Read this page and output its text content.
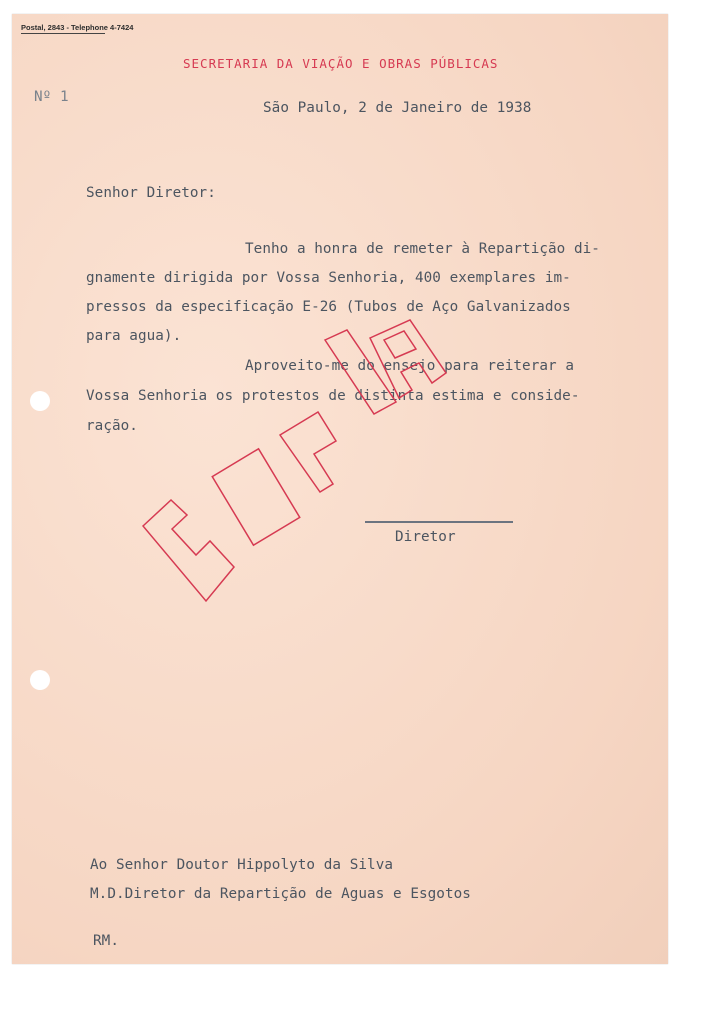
Postal, 2843 - Telephone 4-7424
SECRETARIA DA VIAÇÃO E OBRAS PÚBLICAS
Nº 1
São Paulo, 2 de Janeiro de 1938
Senhor Diretor:
Tenho a honra de remeter à Repartição di-
gnamente dirigida por Vossa Senhoria, 400 exemplares im-
pressos da especificação E-26 (Tubos de Aço Galvanizados
para agua).
Aproveito-me do ensejo para reiterar a
Vossa Senhoria os protestos de distinta estima e conside-
ração.
Diretor
Ao Senhor Doutor Hippolyto da Silva
M.D.Diretor da Repartição de Aguas e Esgotos
RM.
